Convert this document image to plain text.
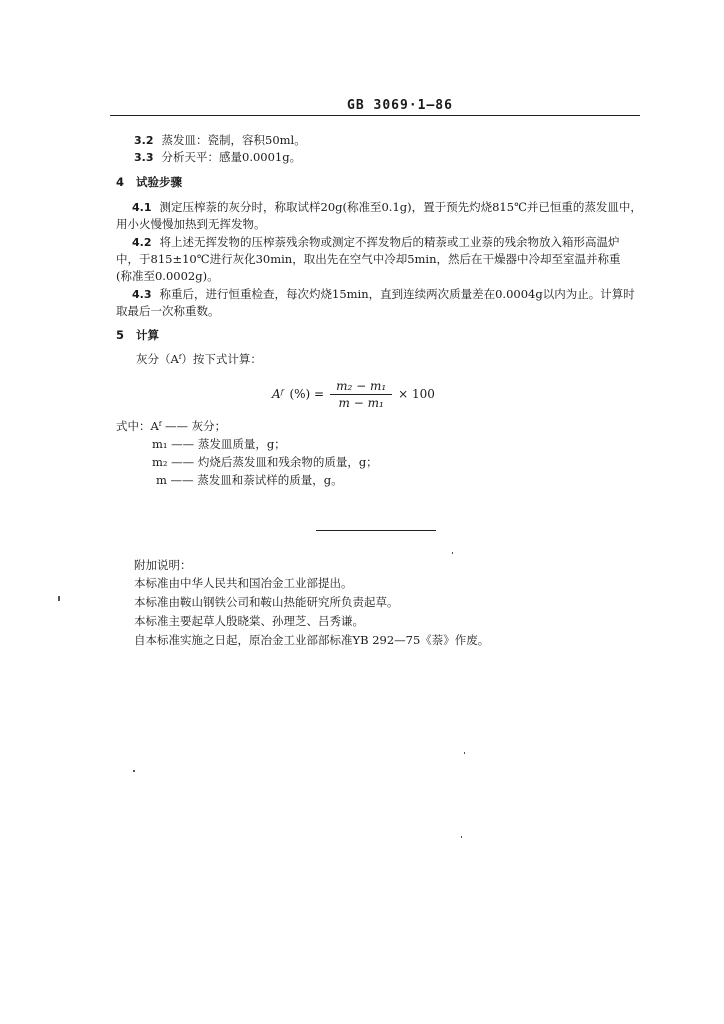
GB 3069·1—86
3.2 蒸发皿：瓷制，容积50ml。
3.3 分析天平：感量0.0001g。
4 试验步骤
4.1 测定压榨萘的灰分时，称取试样20g(称准至0.1g)，置于预先灼烧815℃并已恒重的蒸发皿中，
用小火慢慢加热到无挥发物。
4.2 将上述无挥发物的压榨萘残余物或测定不挥发物后的精萘或工业萘的残余物放入箱形高温炉
中，于815±10℃进行灰化30min，取出先在空气中冷却5min，然后在干燥器中冷却至室温并称重
(称准至0.0002g)。
4.3 称重后，进行恒重检查，每次灼烧15min，直到连续两次质量差在0.0004g以内为止。计算时
取最后一次称重数。
5 计算
灰分（Aᶠ）按下式计算：
Aᶠ (%) = $\frac{\text{m₂ − m₁}}{\text{m − m₁}} \times 100$
式中：Aᶠ —— 灰分；
m₁ —— 蒸发皿质量，g；
m₂ —— 灼烧后蒸发皿和残余物的质量，g；
m —— 蒸发皿和萘试样的质量，g。
附加说明：
本标准由中华人民共和国冶金工业部提出。
本标准由鞍山钢铁公司和鞍山热能研究所负责起草。
本标准主要起草人殷晓棠、孙理芝、吕秀谦。
自本标准实施之日起，原冶金工业部部标准YB 292—75《萘》作废。
